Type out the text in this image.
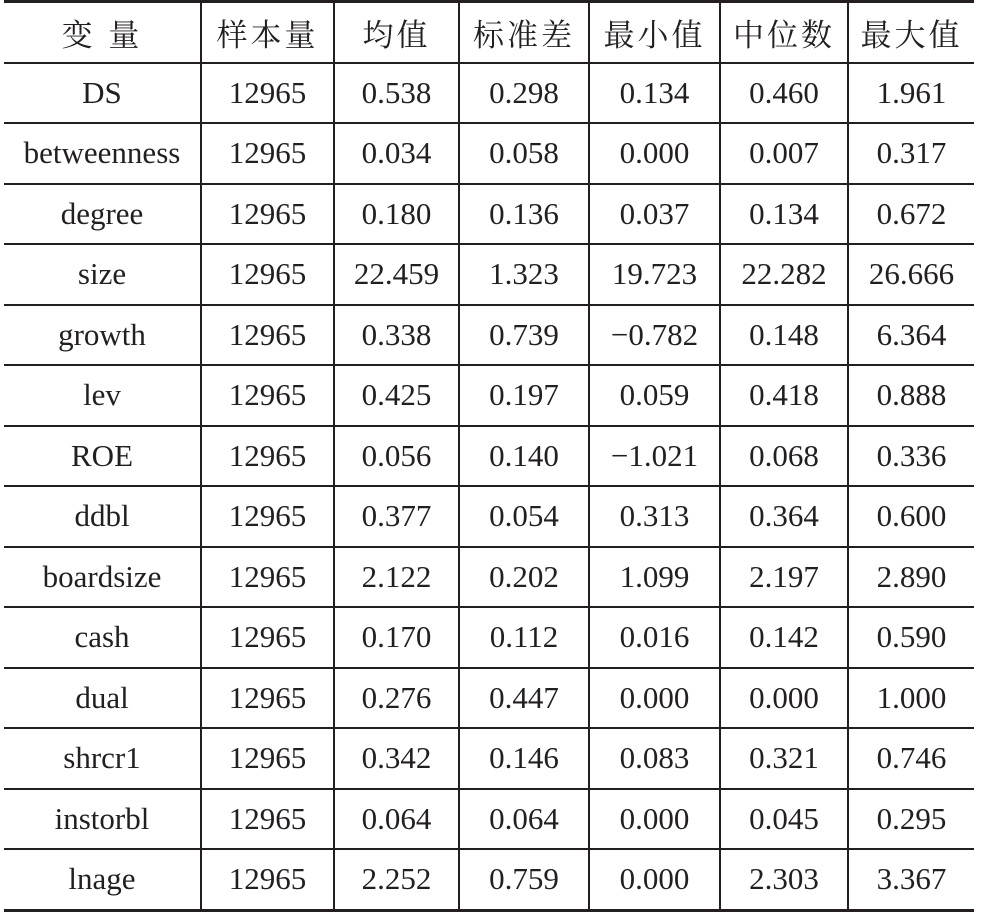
变 量	样本量	均值	标准差	最小值	中位数	最大值
DS	12965	0.538	0.298	0.134	0.460	1.961
betweenness	12965	0.034	0.058	0.000	0.007	0.317
degree	12965	0.180	0.136	0.037	0.134	0.672
size	12965	22.459	1.323	19.723	22.282	26.666
growth	12965	0.338	0.739	−0.782	0.148	6.364
lev	12965	0.425	0.197	0.059	0.418	0.888
ROE	12965	0.056	0.140	−1.021	0.068	0.336
ddbl	12965	0.377	0.054	0.313	0.364	0.600
boardsize	12965	2.122	0.202	1.099	2.197	2.890
cash	12965	0.170	0.112	0.016	0.142	0.590
dual	12965	0.276	0.447	0.000	0.000	1.000
shrcr1	12965	0.342	0.146	0.083	0.321	0.746
instorbl	12965	0.064	0.064	0.000	0.045	0.295
lnage	12965	2.252	0.759	0.000	2.303	3.367
